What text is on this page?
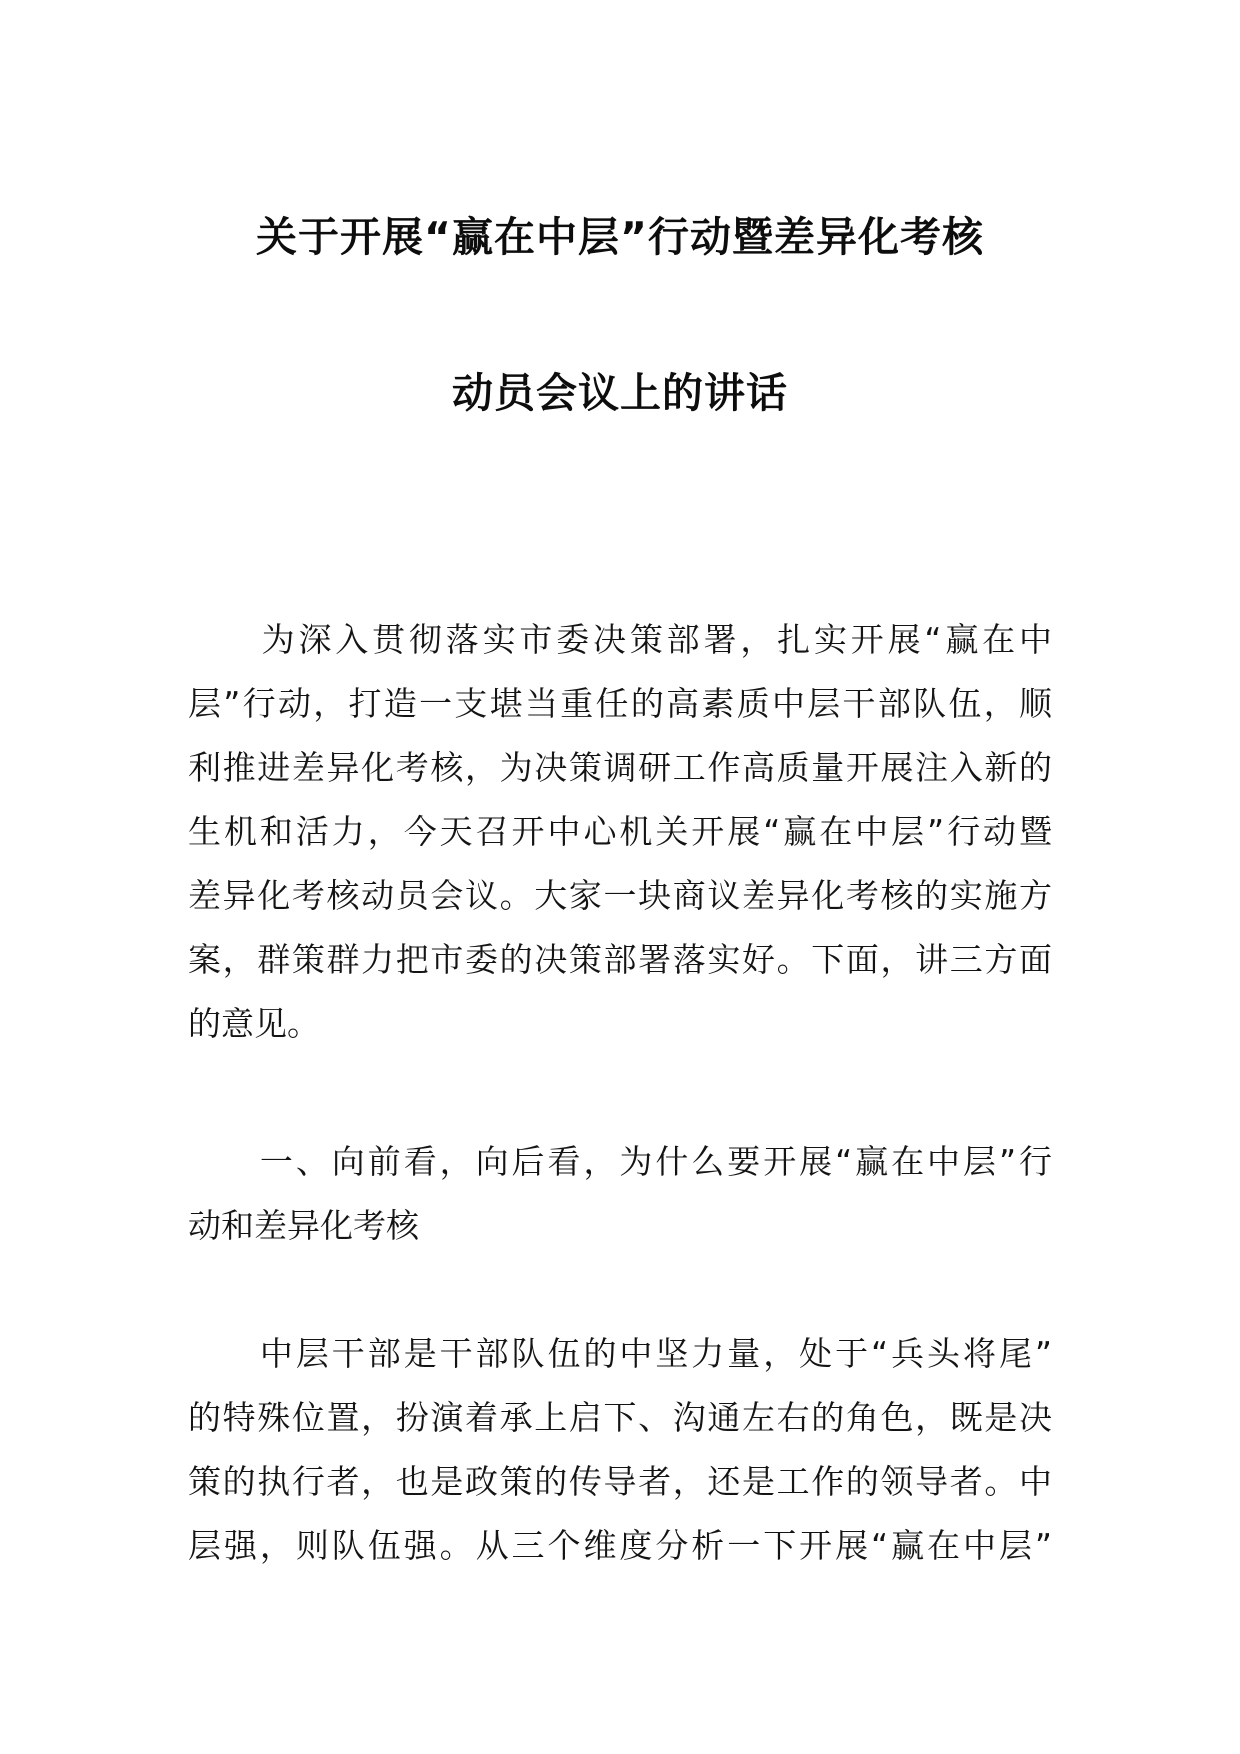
关于开展“赢在中层”行动暨差异化考核
动员会议上的讲话
　　为深入贯彻落实市委决策部署，扎实开展“赢在中
层”行动，打造一支堪当重任的高素质中层干部队伍，顺
利推进差异化考核，为决策调研工作高质量开展注入新的
生机和活力，今天召开中心机关开展“赢在中层”行动暨
差异化考核动员会议。大家一块商议差异化考核的实施方
案，群策群力把市委的决策部署落实好。下面，讲三方面
的意见。
　　一、向前看，向后看，为什么要开展“赢在中层”行
动和差异化考核
　　中层干部是干部队伍的中坚力量，处于“兵头将尾”
的特殊位置，扮演着承上启下、沟通左右的角色，既是决
策的执行者，也是政策的传导者，还是工作的领导者。中
层强，则队伍强。从三个维度分析一下开展“赢在中层”
